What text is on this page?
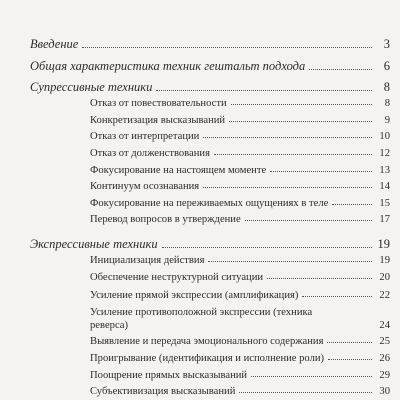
Введение	3
Общая характеристика техник гештальт подхода	6
Супрессивные техники	8
Отказ от повествовательности	8
Конкретизация высказываний	9
Отказ от интерпретации	10
Отказ от долженствования	12
Фокусирование на настоящем моменте	13
Континуум осознавания	14
Фокусирование на переживаемых ощущениях в теле	15
Перевод вопросов в утверждение	17
Экспрессивные техники	19
Инициализация действия	19
Обеспечение неструктурной ситуации	20
Усиление прямой экспрессии (амплификация)	22
Усиление противоположной экспрессии (техника
реверса)	24
Выявление и передача эмоционального содержания	25
Проигрывание (идентификация и исполнение роли)	26
Поощрение прямых высказываний	29
Субъективизация высказываний	30
